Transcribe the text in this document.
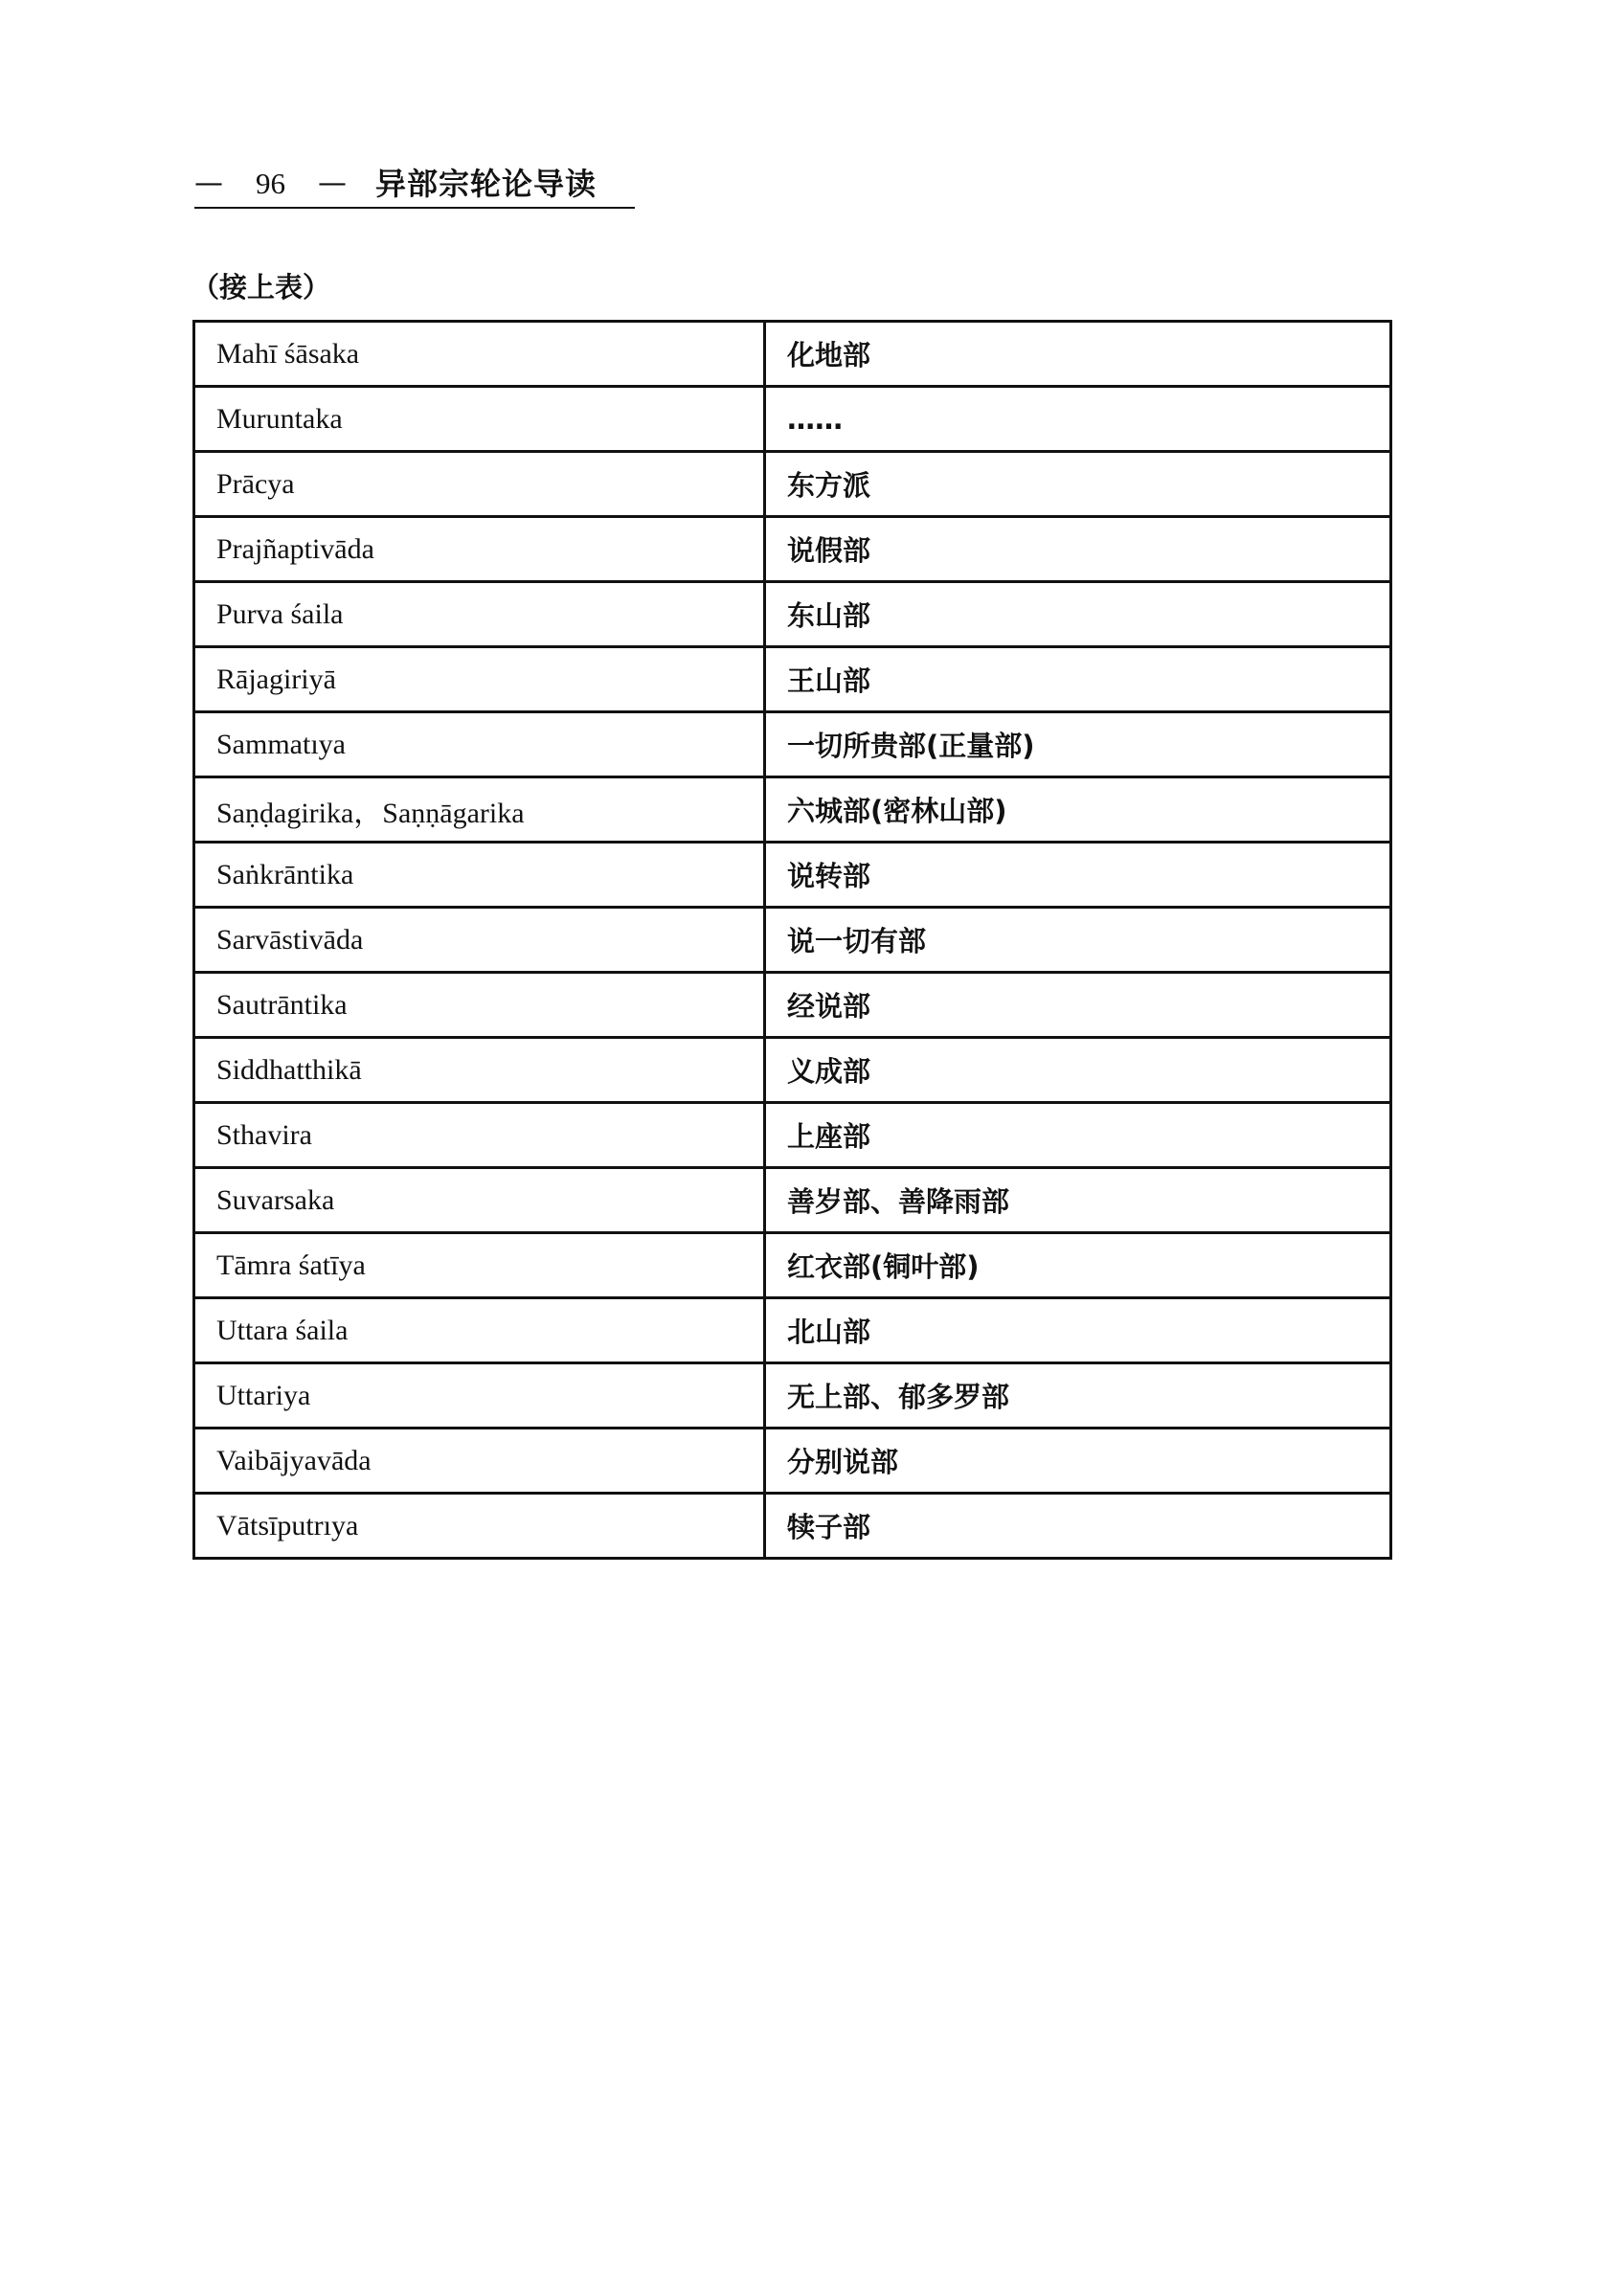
— 96 — 异部宗轮论导读
（接上表）
Mahī śāsaka	化地部
Muruntaka	……
Prācya	东方派
Prajñaptivāda	说假部
Purva śaila	东山部
Rājagiriyā	王山部
Sammatıya	一切所贵部(正量部)
Saṇḍagirika，Saṇṇāgarika	六城部(密林山部)
Saṅkrāntika	说转部
Sarvāstivāda	说一切有部
Sautrāntika	经说部
Siddhatthikā	义成部
Sthavira	上座部
Suvarsaka	善岁部、善降雨部
Tāmra śatīya	红衣部(铜叶部)
Uttara śaila	北山部
Uttariya	无上部、郁多罗部
Vaibājyavāda	分别说部
Vātsīputrıya	犊子部
